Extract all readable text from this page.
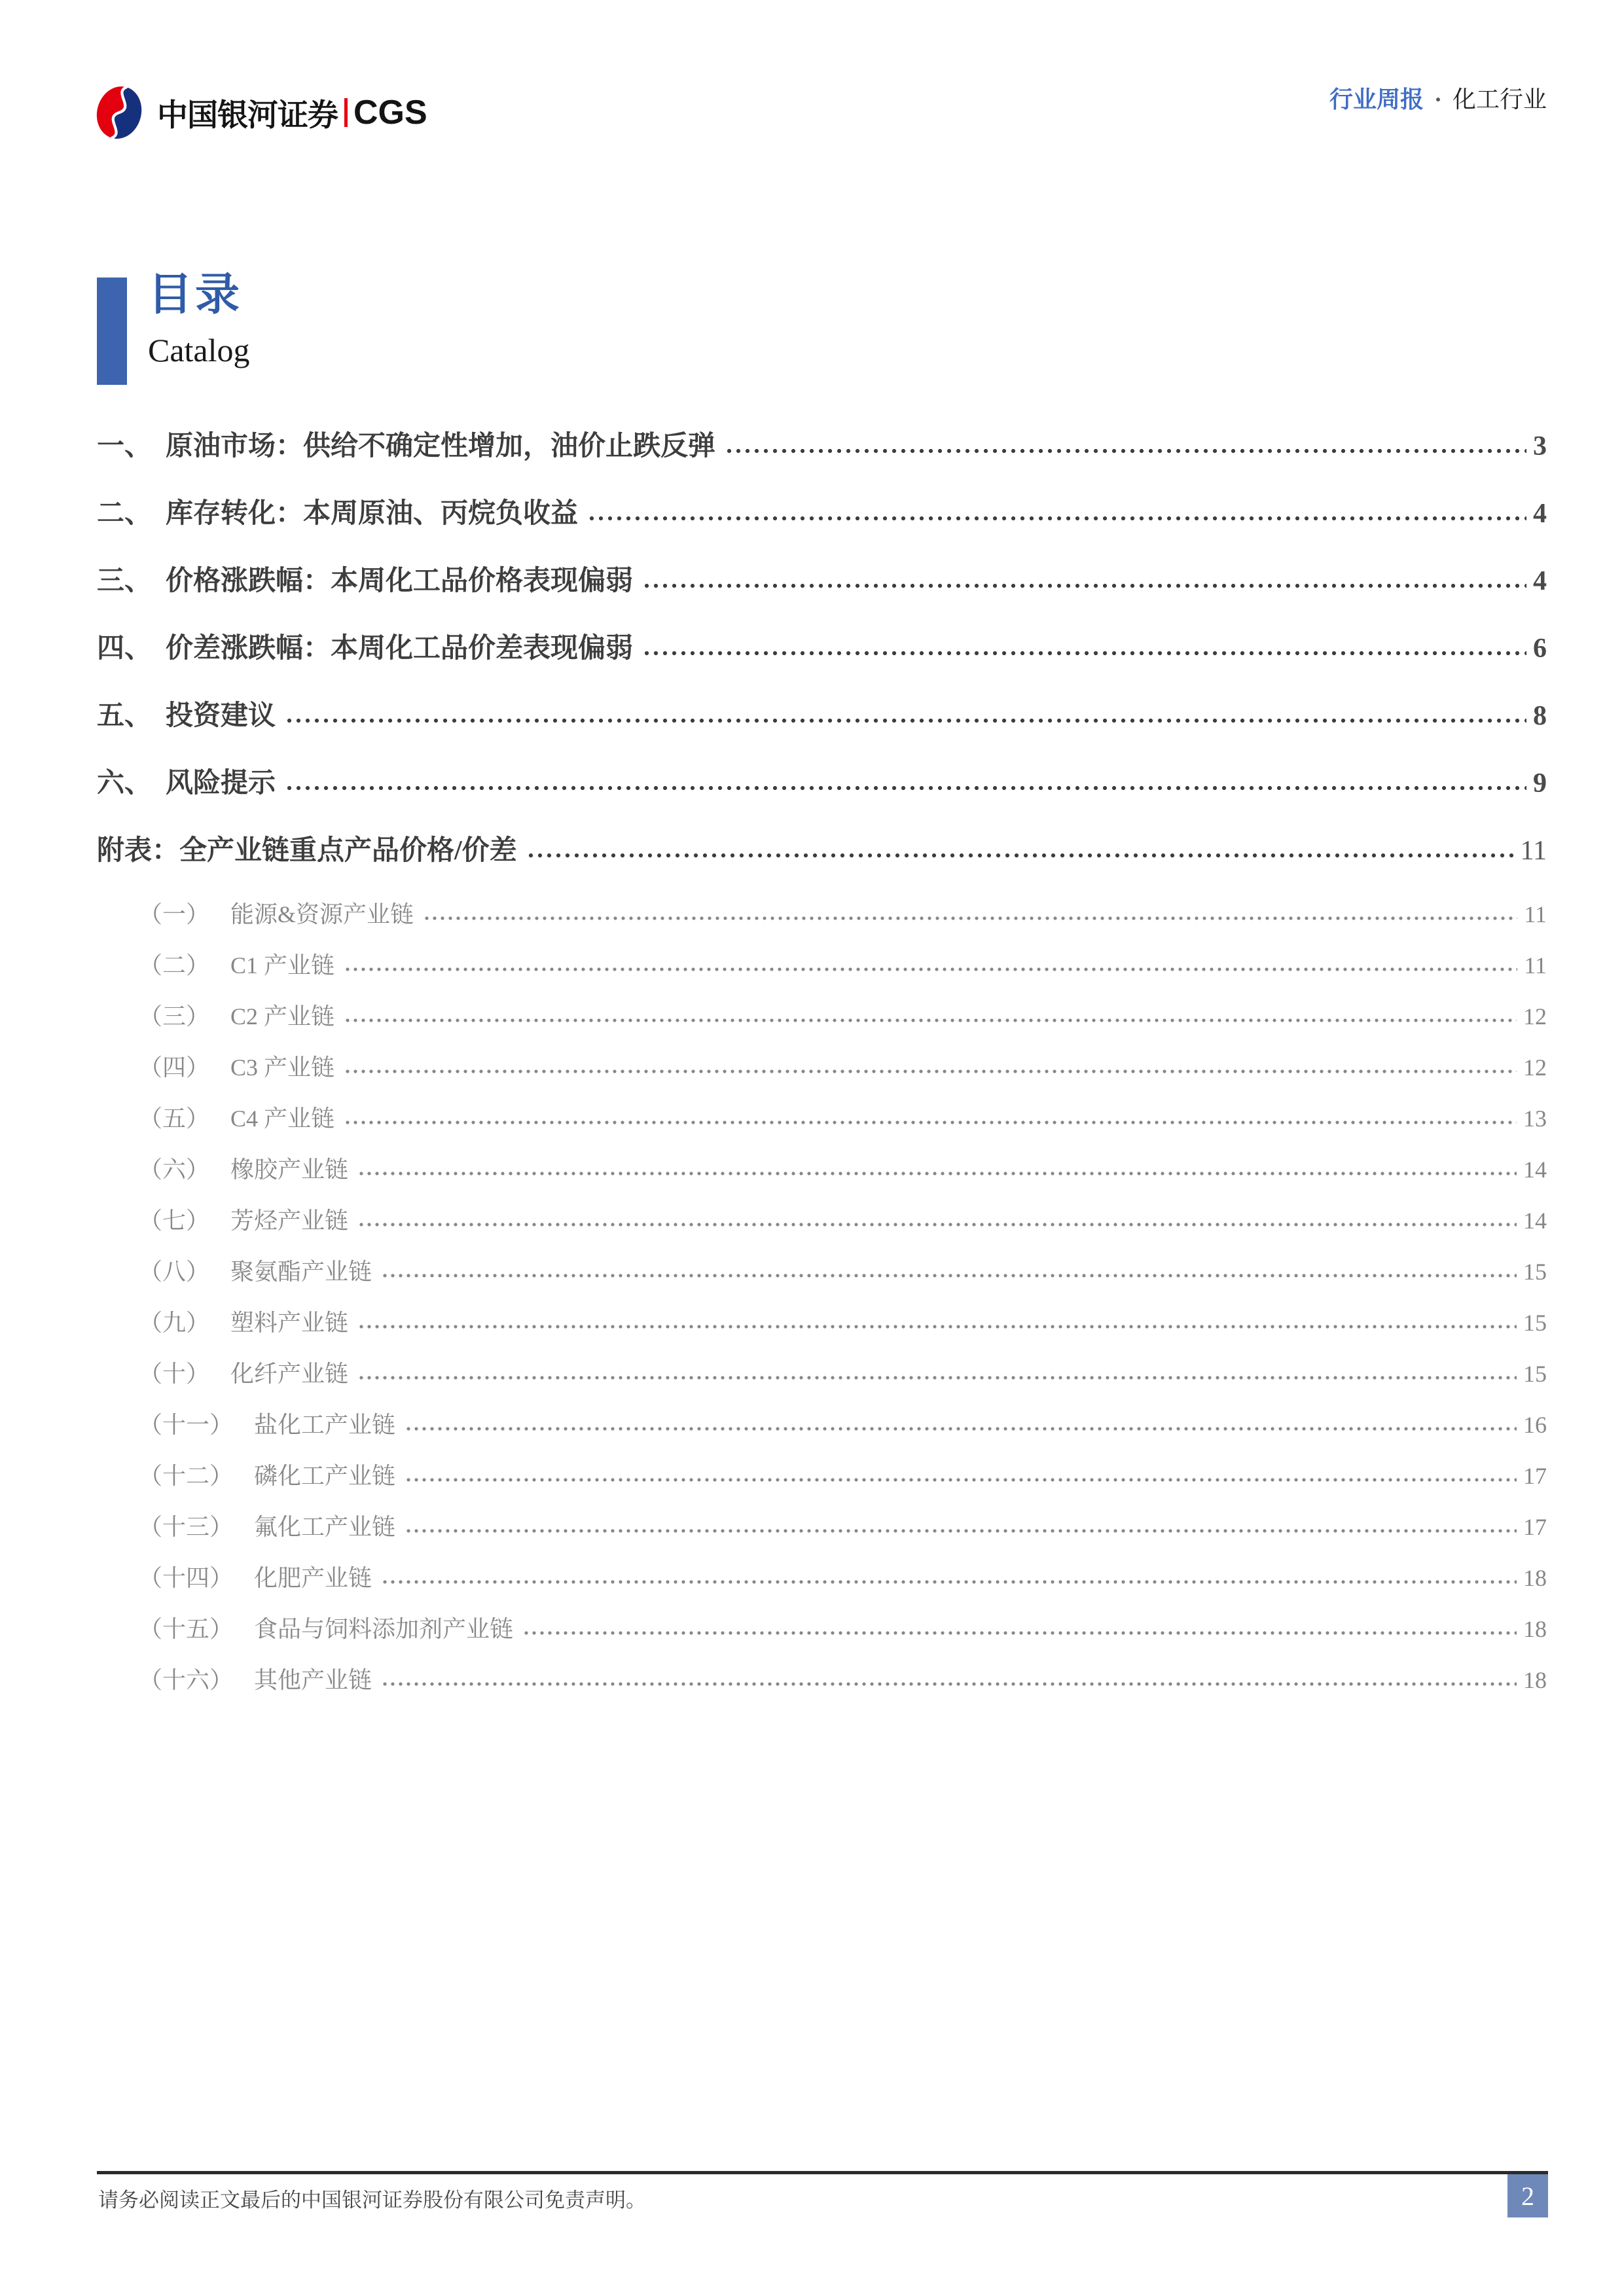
中国银河证券 CGS	行业周报 · 化工行业
目录
Catalog
一、 原油市场：供给不确定性增加，油价止跌反弹	3
二、 库存转化：本周原油、丙烷负收益	4
三、 价格涨跌幅：本周化工品价格表现偏弱	4
四、 价差涨跌幅：本周化工品价差表现偏弱	6
五、 投资建议	8
六、 风险提示	9
附表：全产业链重点产品价格/价差	11
（一） 能源&资源产业链	11
（二） C1 产业链	11
（三） C2 产业链	12
（四） C3 产业链	12
（五） C4 产业链	13
（六） 橡胶产业链	14
（七） 芳烃产业链	14
（八） 聚氨酯产业链	15
（九） 塑料产业链	15
（十） 化纤产业链	15
（十一） 盐化工产业链	16
（十二） 磷化工产业链	17
（十三） 氟化工产业链	17
（十四） 化肥产业链	18
（十五） 食品与饲料添加剂产业链	18
（十六） 其他产业链	18
请务必阅读正文最后的中国银河证券股份有限公司免责声明。	2
